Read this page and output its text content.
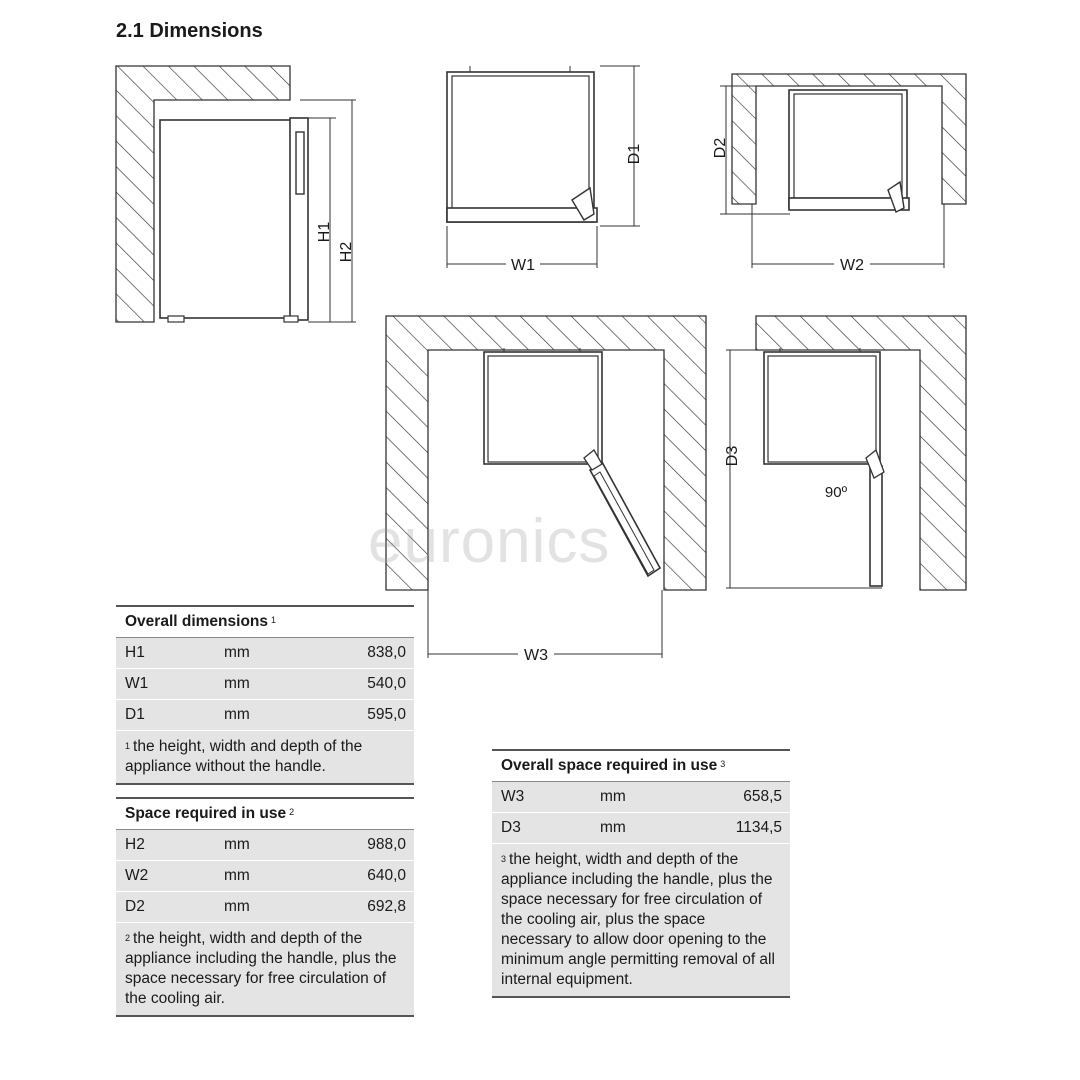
2.1 Dimensions
H1
H2
W1
D1
W2
D2
W3
D3
90º
euronics
Overall dimensions $^1$
H1	mm	838,0
W1	mm	540,0
D1	mm	595,0
$^1$ the height, width and depth of the appliance without the handle.
Space required in use $^2$
H2	mm	988,0
W2	mm	640,0
D2	mm	692,8
$^2$ the height, width and depth of the appliance including the handle, plus the space necessary for free circulation of the cooling air.
Overall space required in use $^3$
W3	mm	658,5
D3	mm	1134,5
$^3$ the height, width and depth of the appliance including the handle, plus the space necessary for free circulation of the cooling air, plus the space necessary to allow door opening to the minimum angle permitting removal of all internal equipment.
